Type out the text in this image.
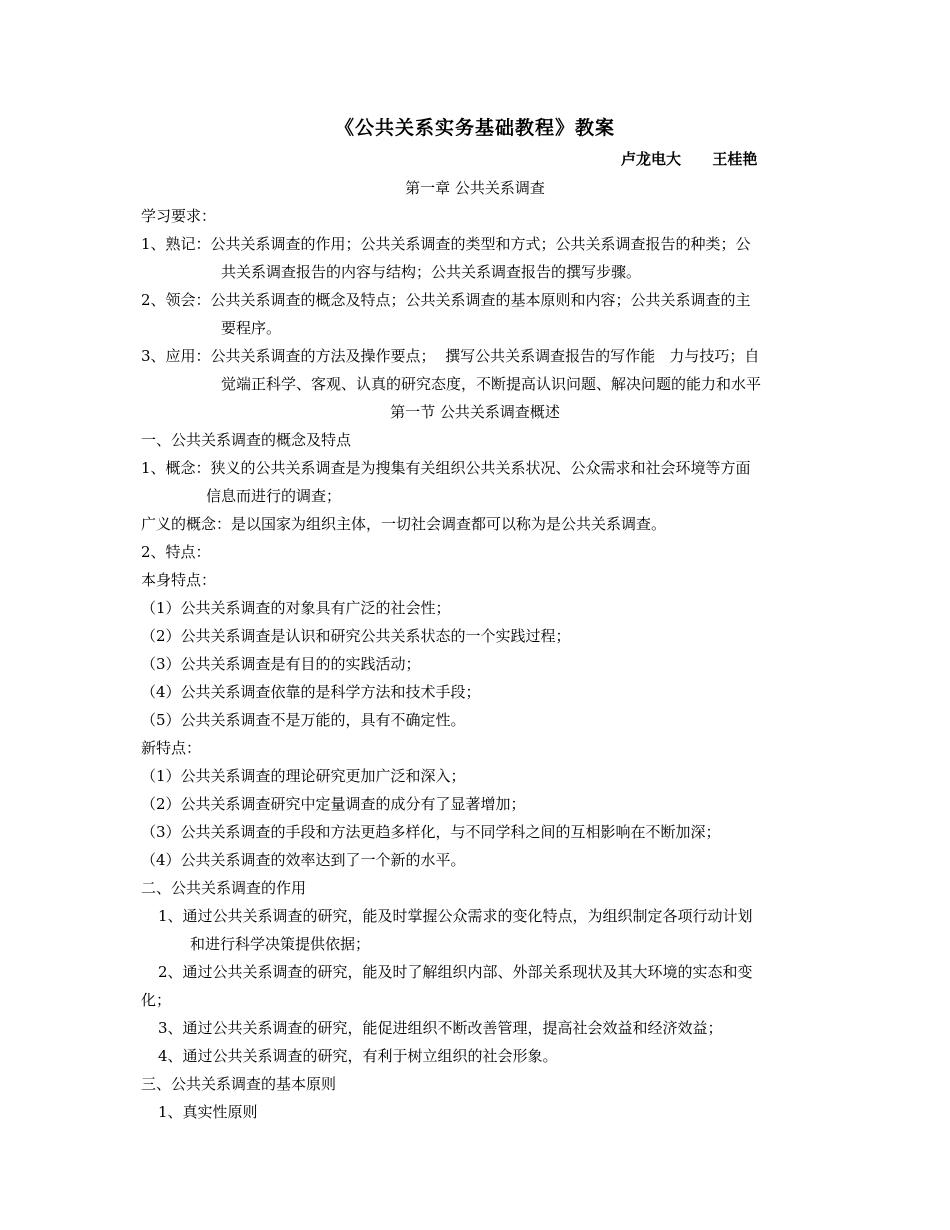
《公共关系实务基础教程》教案
卢龙电大      王桂艳
第一章 公共关系调查
学习要求：
1、熟记：公共关系调查的作用；公共关系调查的类型和方式；公共关系调查报告的种类；公
共关系调查报告的内容与结构；公共关系调查报告的撰写步骤。
2、领会：公共关系调查的概念及特点；公共关系调查的基本原则和内容；公共关系调查的主
要程序。
3、应用：公共关系调查的方法及操作要点；  撰写公共关系调查报告的写作能   力与技巧；自
觉端正科学、客观、认真的研究态度，不断提高认识问题、解决问题的能力和水平
第一节 公共关系调查概述
一、公共关系调查的概念及特点
1、概念：狭义的公共关系调查是为搜集有关组织公共关系状况、公众需求和社会环境等方面
信息而进行的调查；
广义的概念：是以国家为组织主体，一切社会调查都可以称为是公共关系调查。
2、特点：
本身特点：
（1）公共关系调查的对象具有广泛的社会性；
（2）公共关系调查是认识和研究公共关系状态的一个实践过程；
（3）公共关系调查是有目的的实践活动；
（4）公共关系调查依靠的是科学方法和技术手段；
（5）公共关系调查不是万能的，具有不确定性。
新特点：
（1）公共关系调查的理论研究更加广泛和深入；
（2）公共关系调查研究中定量调查的成分有了显著增加；
（3）公共关系调查的手段和方法更趋多样化，与不同学科之间的互相影响在不断加深；
（4）公共关系调查的效率达到了一个新的水平。
二、公共关系调查的作用
1、通过公共关系调查的研究，能及时掌握公众需求的变化特点，为组织制定各项行动计划
和进行科学决策提供依据；
2、通过公共关系调查的研究，能及时了解组织内部、外部关系现状及其大环境的实态和变
化；
3、通过公共关系调查的研究，能促进组织不断改善管理，提高社会效益和经济效益；
4、通过公共关系调查的研究，有利于树立组织的社会形象。
三、公共关系调查的基本原则
1、真实性原则
